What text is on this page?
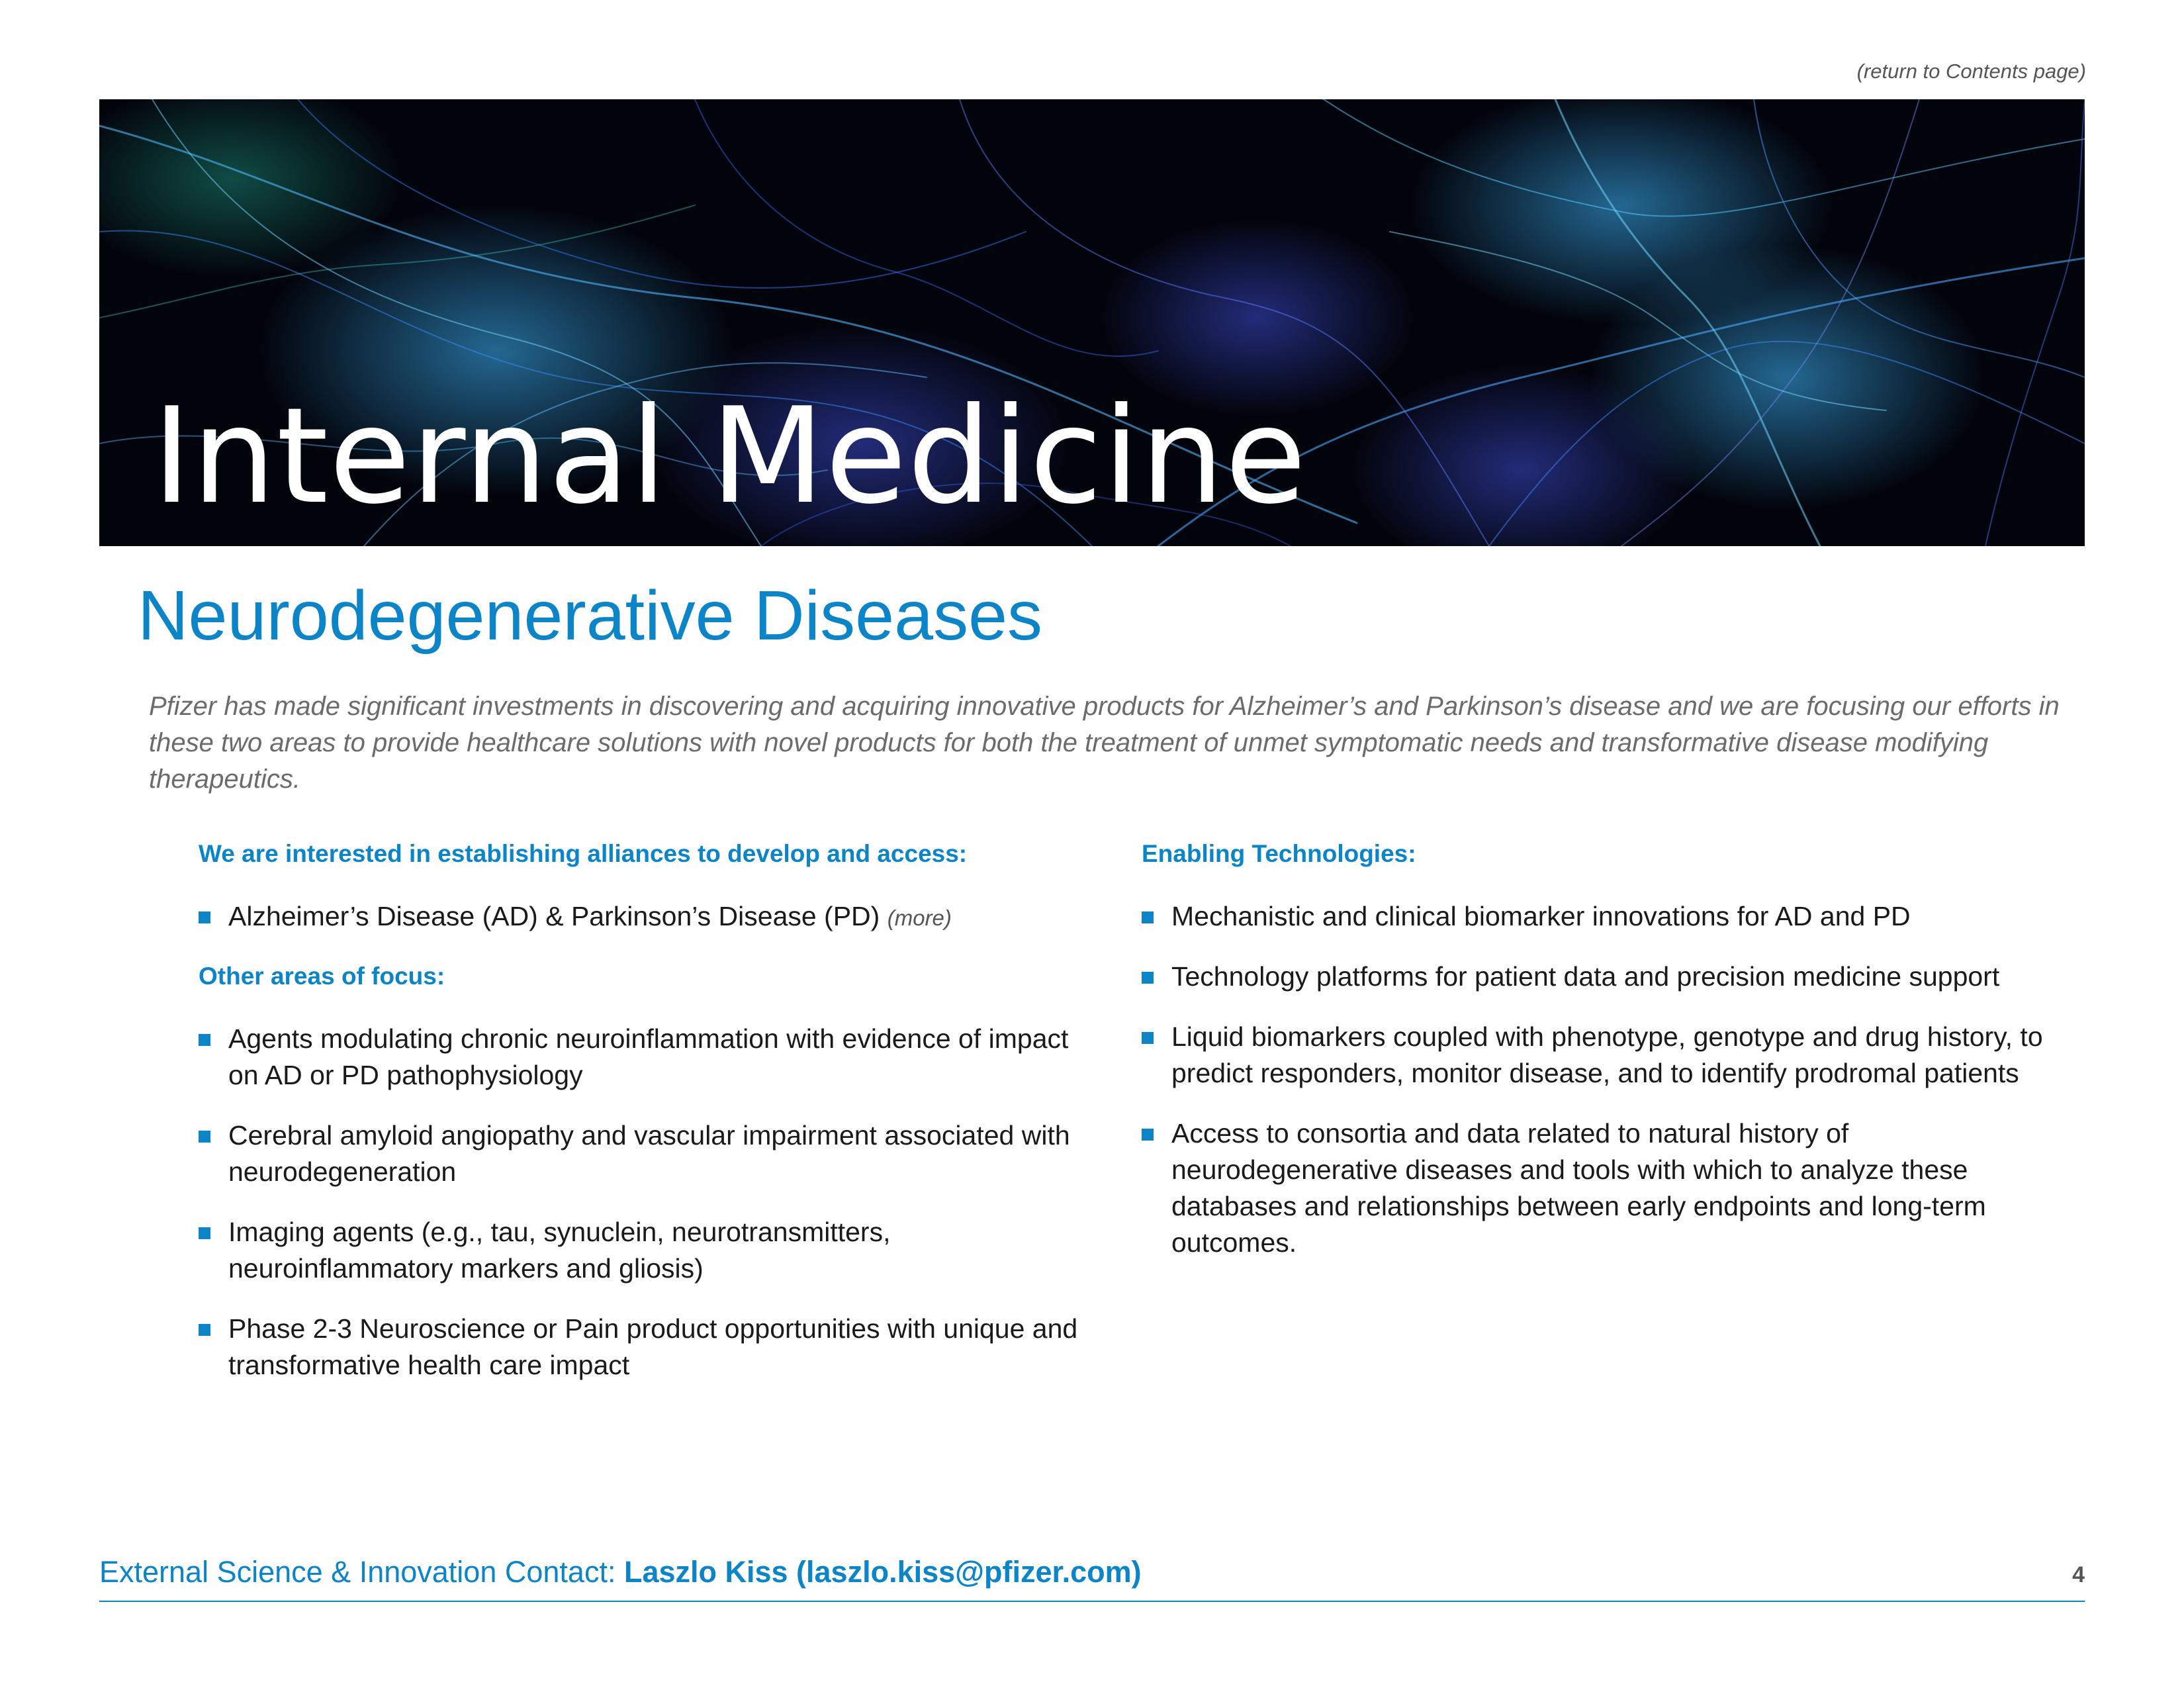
(return to Contents page)
Internal Medicine
Neurodegenerative Diseases

Pfizer has made significant investments in discovering and acquiring innovative products for Alzheimer’s and Parkinson’s disease and we are focusing our efforts in these two areas to provide healthcare solutions with novel products for both the treatment of unmet symptomatic needs and transformative disease modifying therapeutics.

We are interested in establishing alliances to develop and access:

Alzheimer’s Disease (AD) & Parkinson’s Disease (PD) (more)

Other areas of focus:

Agents modulating chronic neuroinflammation with evidence of impact on AD or PD pathophysiology
Cerebral amyloid angiopathy and vascular impairment associated with neurodegeneration
Imaging agents (e.g., tau, synuclein, neurotransmitters, neuroinflammatory markers and gliosis)
Phase 2-3 Neuroscience or Pain product opportunities with unique and transformative health care impact

Enabling Technologies:

Mechanistic and clinical biomarker innovations for AD and PD
Technology platforms for patient data and precision medicine support
Liquid biomarkers coupled with phenotype, genotype and drug history, to predict responders, monitor disease, and to identify prodromal patients
Access to consortia and data related to natural history of neurodegenerative diseases and tools with which to analyze these databases and relationships between early endpoints and long-term outcomes.
External Science & Innovation Contact: Laszlo Kiss (laszlo.kiss@pfizer.com)	4
